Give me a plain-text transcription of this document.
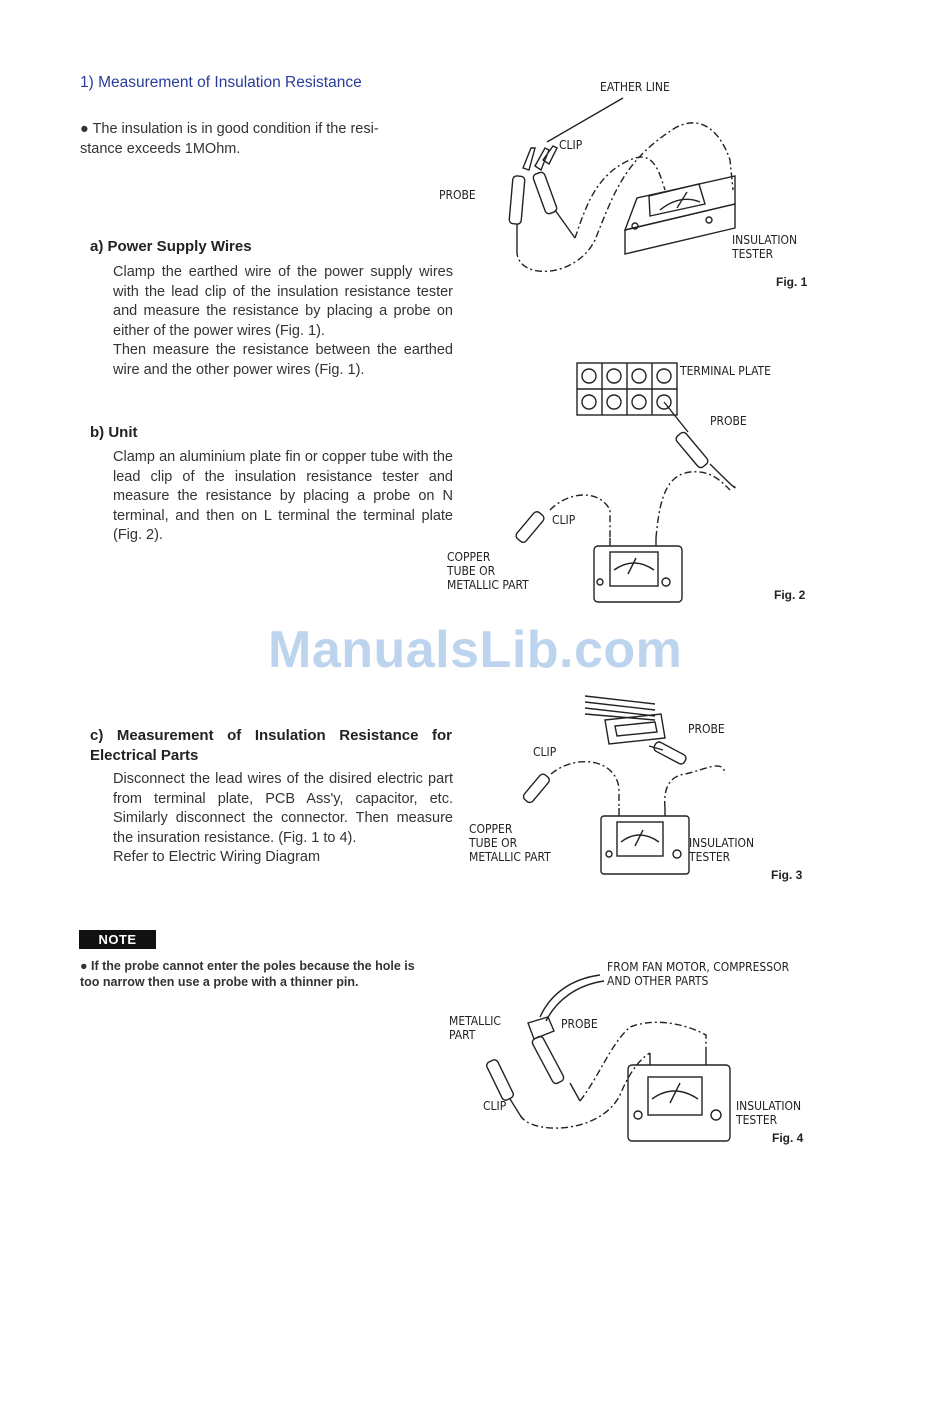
1) Measurement of Insulation Resistance
● The insulation is in good condition if the resi-
stance exceeds 1MOhm.
a) Power Supply Wires
Clamp the earthed wire of the power supply wires with the lead clip of the insulation resistance tester and measure the resistance by placing a probe on either of the power wires (Fig. 1).
Then measure the resistance between the earthed wire and the other power wires (Fig. 1).
b) Unit
Clamp an aluminium plate fin or copper tube with the lead clip of the insulation resistance tester and measure the resistance by placing a probe on N terminal, and then on L terminal the terminal plate (Fig. 2).
c) Measurement of Insulation Resistance for Electrical Parts
Disconnect the lead wires of the disired electric part from terminal plate, PCB Ass'y, capacitor, etc. Similarly disconnect the connector. Then measure the insuration resistance. (Fig. 1 to 4).
Refer to Electric Wiring Diagram
NOTE
● If the probe cannot enter the poles because the hole is too narrow then use a probe with a thinner pin.
ManualsLib.com
EATHER LINE
CLIP
PROBE
INSULATION
TESTER
Fig. 1
TERMINAL PLATE
PROBE
CLIP
COPPER
TUBE OR
METALLIC PART
Fig. 2
PROBE
CLIP
COPPER
TUBE OR
METALLIC PART
INSULATION
TESTER
Fig. 3
FROM FAN MOTOR, COMPRESSOR
AND OTHER PARTS
METALLIC
PART
PROBE
CLIP	INSULATION
TESTER
Fig. 4
